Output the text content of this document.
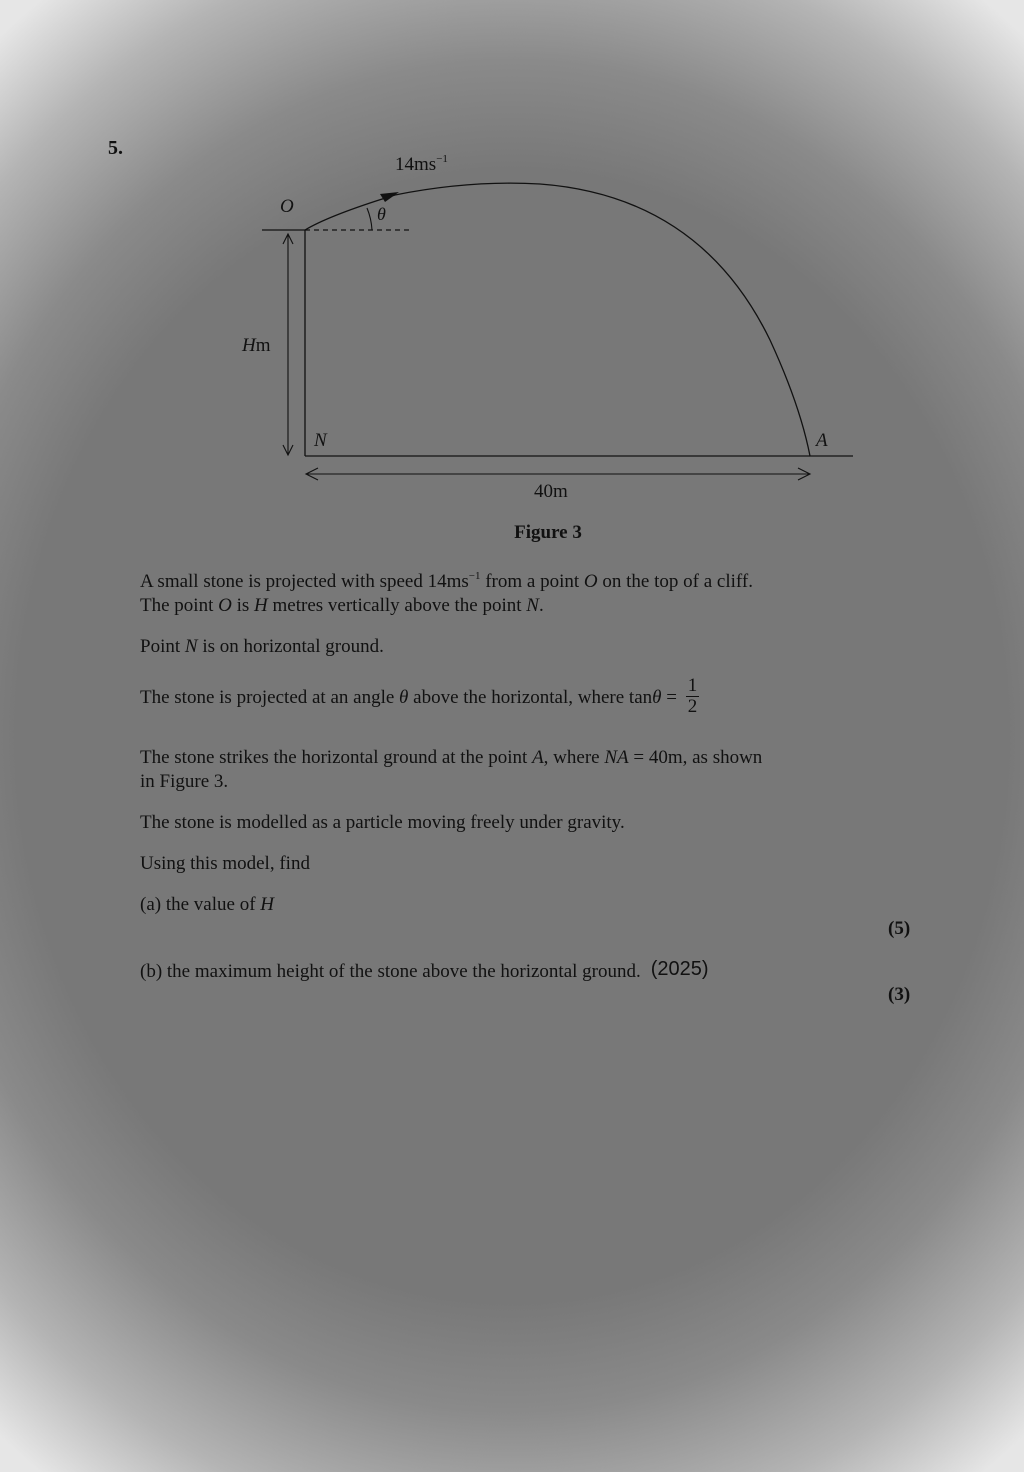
5.
$14ms^{-1}$
O	θ
Hm
N	A
40m
Figure 3
A small stone is projected with speed $14ms^{-1}$ from a point O on the top of a cliff.
The point O is H metres vertically above the point N.
Point N is on horizontal ground.
The stone is projected at an angle θ above the horizontal, where $\tan\theta = \frac{1}{2}$
The stone strikes the horizontal ground at the point A, where NA = 40m, as shown
in Figure 3.
The stone is modelled as a particle moving freely under gravity.
Using this model, find
(a) the value of H
(5)
(b) the maximum height of the stone above the horizontal ground. (2025)
(3)
